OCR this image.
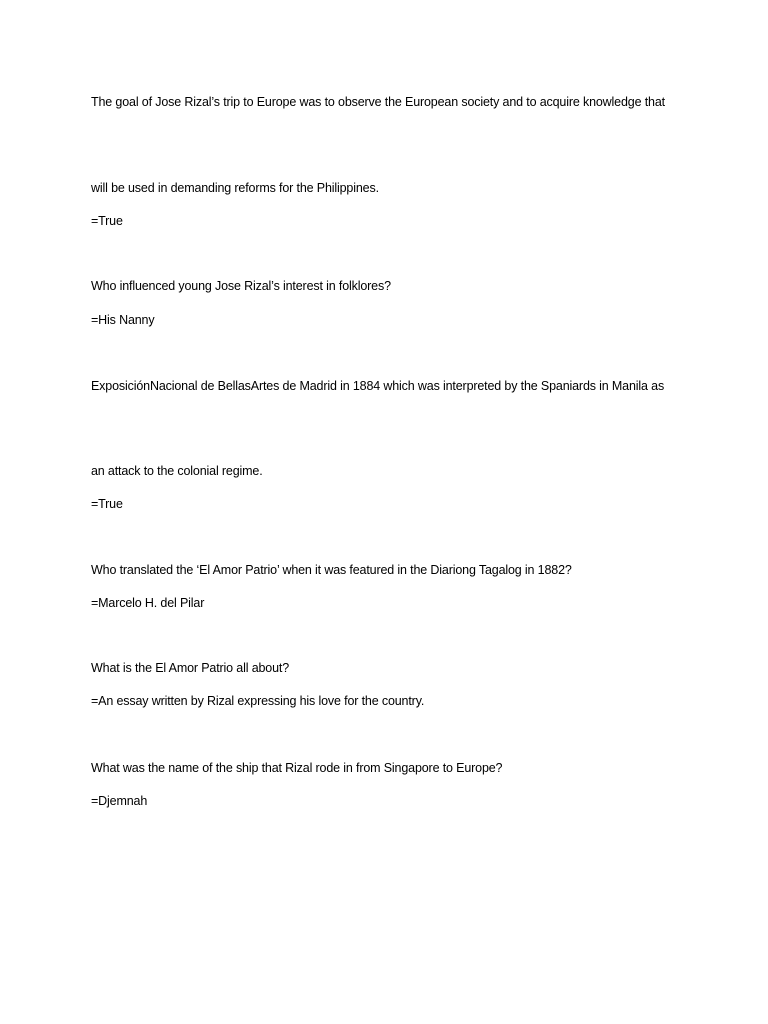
The goal of Jose Rizal’s trip to Europe was to observe the European society and to acquire knowledge that
will be used in demanding reforms for the Philippines.
=True
Who influenced young Jose Rizal’s interest in folklores?
=His Nanny
ExposiciónNacional de BellasArtes de Madrid in 1884 which was interpreted by the Spaniards in Manila as
an attack to the colonial regime.
=True
Who translated the ‘El Amor Patrio’ when it was featured in the Diariong Tagalog in 1882?
=Marcelo H. del Pilar
What is the El Amor Patrio all about?
=An essay written by Rizal expressing his love for the country.
What was the name of the ship that Rizal rode in from Singapore to Europe?
=Djemnah
